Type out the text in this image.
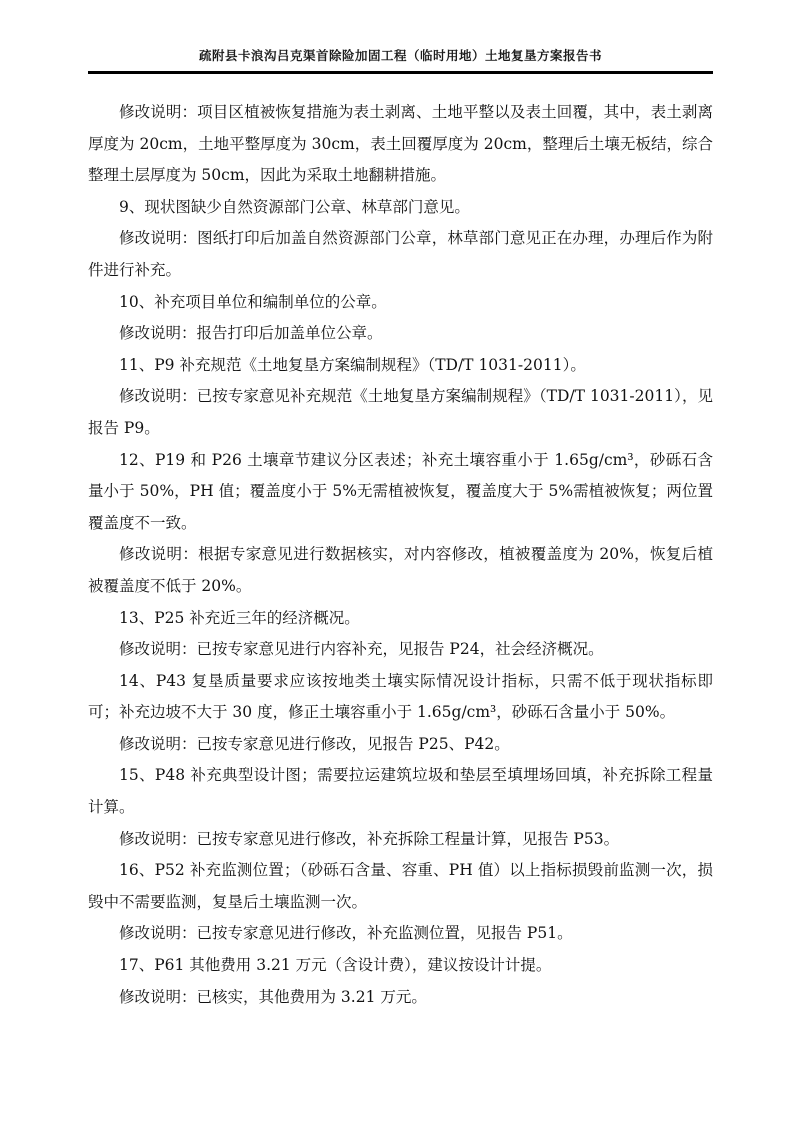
疏附县卡浪沟吕克渠首除险加固工程（临时用地）土地复垦方案报告书

修改说明：项目区植被恢复措施为表土剥离、土地平整以及表土回覆，其中，表土剥离厚度为 20cm，土地平整厚度为 30cm，表土回覆厚度为 20cm，整理后土壤无板结，综合整理土层厚度为 50cm，因此为采取土地翻耕措施。

9、现状图缺少自然资源部门公章、林草部门意见。

修改说明：图纸打印后加盖自然资源部门公章，林草部门意见正在办理，办理后作为附件进行补充。

10、补充项目单位和编制单位的公章。

修改说明：报告打印后加盖单位公章。

11、P9 补充规范《土地复垦方案编制规程》（TD/T 1031-2011）。

修改说明：已按专家意见补充规范《土地复垦方案编制规程》（TD/T 1031-2011），见报告 P9。

12、P19 和 P26 土壤章节建议分区表述；补充土壤容重小于 1.65g/cm³，砂砾石含量小于 50%，PH 值；覆盖度小于 5%无需植被恢复，覆盖度大于 5%需植被恢复；两位置覆盖度不一致。

修改说明：根据专家意见进行数据核实，对内容修改，植被覆盖度为 20%，恢复后植被覆盖度不低于 20%。

13、P25 补充近三年的经济概况。

修改说明：已按专家意见进行内容补充，见报告 P24，社会经济概况。

14、P43 复垦质量要求应该按地类土壤实际情况设计指标，只需不低于现状指标即可；补充边坡不大于 30 度，修正土壤容重小于 1.65g/cm³，砂砾石含量小于 50%。

修改说明：已按专家意见进行修改，见报告 P25、P42。

15、P48 补充典型设计图；需要拉运建筑垃圾和垫层至填埋场回填，补充拆除工程量计算。

修改说明：已按专家意见进行修改，补充拆除工程量计算，见报告 P53。

16、P52 补充监测位置；（砂砾石含量、容重、PH 值）以上指标损毁前监测一次，损毁中不需要监测，复垦后土壤监测一次。

修改说明：已按专家意见进行修改，补充监测位置，见报告 P51。

17、P61 其他费用 3.21 万元（含设计费），建议按设计计提。

修改说明：已核实，其他费用为 3.21 万元。
